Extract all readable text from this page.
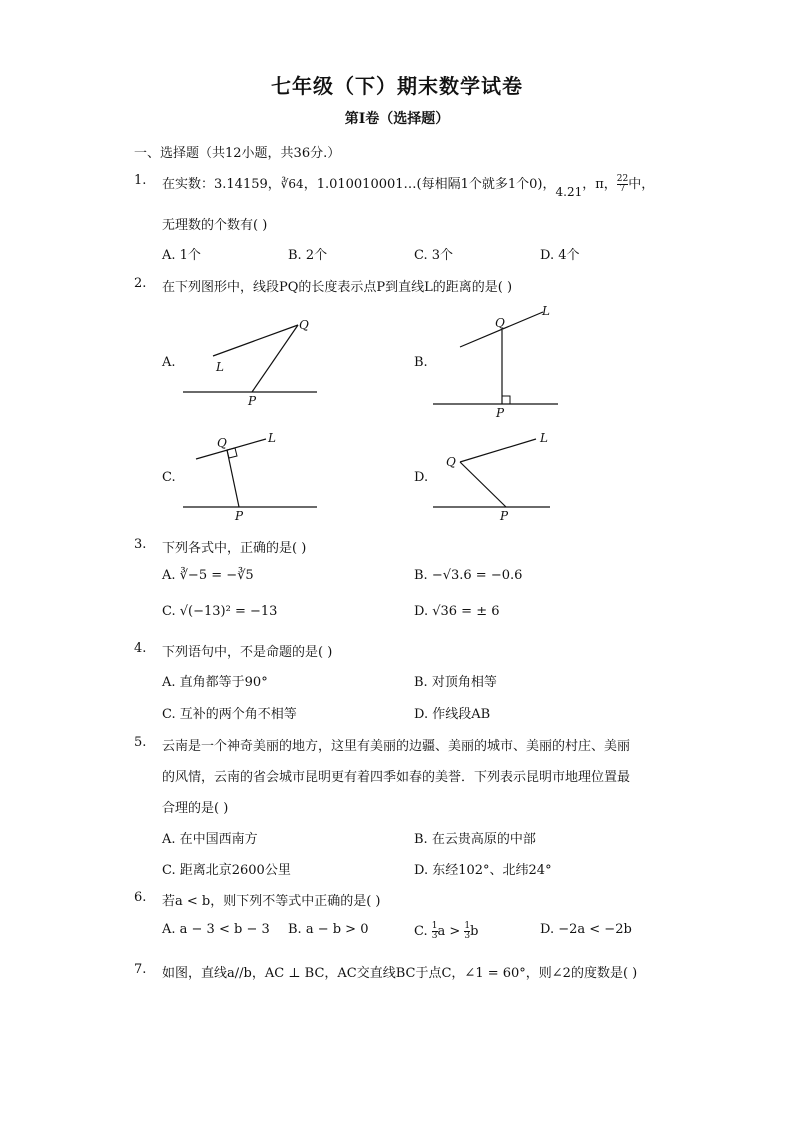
七年级（下）期末数学试卷
第I卷（选择题）
一、选择题（共12小题，共36分.）
1. 在实数：3.14159，∛64，1.010010001…(每相隔1个就多1个0)，4.21，π， $\frac{22}{7}$ 中，
无理数的个数有( )
A. 1个	B. 2个	C. 3个	D. 4个
2. 在下列图形中，线段PQ的长度表示点P到直线L的距离的是( )
A.	B.
C.	D.
Q
L
P
Q
L
P
Q	L
P
Q
L
P
3. 下列各式中，正确的是( )
A. ∛−5 = −∛5	B. −√3.6 = −0.6
C. √(−13)² = −13	D. √36 = ± 6
4. 下列语句中，不是命题的是( )
A. 直角都等于90°	B. 对顶角相等
C. 互补的两个角不相等	D. 作线段AB
5. 云南是一个神奇美丽的地方，这里有美丽的边疆、美丽的城市、美丽的村庄、美丽
的风情，云南的省会城市昆明更有着四季如春的美誉．下列表示昆明市地理位置最
合理的是( )
A. 在中国西南方	B. 在云贵高原的中部
C. 距离北京2600公里	D. 东经102°、北纬24°
6. 若a < b，则下列不等式中正确的是( )
A. a − 3 < b − 3 B. a − b > 0	C. $\frac{1}{3}$ $a > \frac{1}{3}$ b	D. −2a < −2b
7. 如图，直线a//b，AC ⊥ BC，AC交直线BC于点C，∠1 = 60°，则∠2的度数是( )
